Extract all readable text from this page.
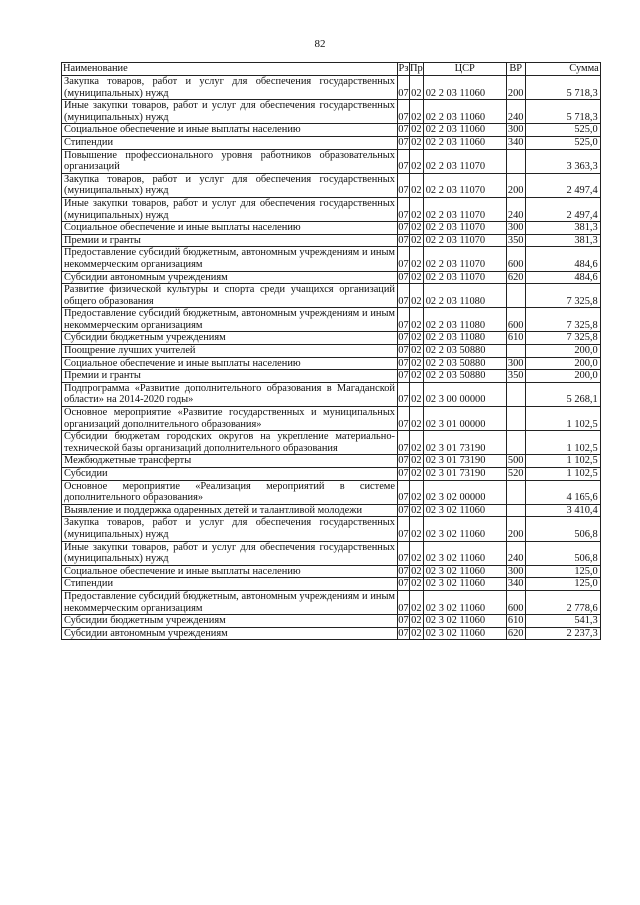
82
Наименование	Рз	Пр	ЦСР	ВР	Сумма
Закупка товаров, работ и услуг для обеспечения государственных (муниципальных) нужд	07	02	02 2 03 11060	200	5 718,3
Иные закупки товаров, работ и услуг для обеспечения государственных (муниципальных) нужд	07	02	02 2 03 11060	240	5 718,3
Социальное обеспечение и иные выплаты населению	07	02	02 2 03 11060	300	525,0
Стипендии	07	02	02 2 03 11060	340	525,0
Повышение профессионального уровня работников образовательных организаций	07	02	02 2 03 11070		3 363,3
Закупка товаров, работ и услуг для обеспечения государственных (муниципальных) нужд	07	02	02 2 03 11070	200	2 497,4
Иные закупки товаров, работ и услуг для обеспечения государственных (муниципальных) нужд	07	02	02 2 03 11070	240	2 497,4
Социальное обеспечение и иные выплаты населению	07	02	02 2 03 11070	300	381,3
Премии и гранты	07	02	02 2 03 11070	350	381,3
Предоставление субсидий бюджетным, автономным учреждениям и иным некоммерческим организациям	07	02	02 2 03 11070	600	484,6
Субсидии автономным учреждениям	07	02	02 2 03 11070	620	484,6
Развитие физической культуры и спорта среди учащихся организаций общего образования	07	02	02 2 03 11080		7 325,8
Предоставление субсидий бюджетным, автономным учреждениям и иным некоммерческим организациям	07	02	02 2 03 11080	600	7 325,8
Субсидии бюджетным учреждениям	07	02	02 2 03 11080	610	7 325,8
Поощрение лучших учителей	07	02	02 2 03 50880		200,0
Социальное обеспечение и иные выплаты населению	07	02	02 2 03 50880	300	200,0
Премии и гранты	07	02	02 2 03 50880	350	200,0
Подпрограмма «Развитие дополнительного образования в Магаданской области» на 2014-2020 годы»	07	02	02 3 00 00000		5 268,1
Основное мероприятие «Развитие государственных и муниципальных организаций дополнительного образования»	07	02	02 3 01 00000		1 102,5
Субсидии бюджетам городских округов на укрепление материально-технической базы организаций дополнительного образования	07	02	02 3 01 73190		1 102,5
Межбюджетные трансферты	07	02	02 3 01 73190	500	1 102,5
Субсидии	07	02	02 3 01 73190	520	1 102,5
Основное мероприятие «Реализация мероприятий в системе дополнительного образования»	07	02	02 3 02 00000		4 165,6
Выявление и поддержка одаренных детей и талантливой молодежи	07	02	02 3 02 11060		3 410,4
Закупка товаров, работ и услуг для обеспечения государственных (муниципальных) нужд	07	02	02 3 02 11060	200	506,8
Иные закупки товаров, работ и услуг для обеспечения государственных (муниципальных) нужд	07	02	02 3 02 11060	240	506,8
Социальное обеспечение и иные выплаты населению	07	02	02 3 02 11060	300	125,0
Стипендии	07	02	02 3 02 11060	340	125,0
Предоставление субсидий бюджетным, автономным учреждениям и иным некоммерческим организациям	07	02	02 3 02 11060	600	2 778,6
Субсидии бюджетным учреждениям	07	02	02 3 02 11060	610	541,3
Субсидии автономным учреждениям	07	02	02 3 02 11060	620	2 237,3
